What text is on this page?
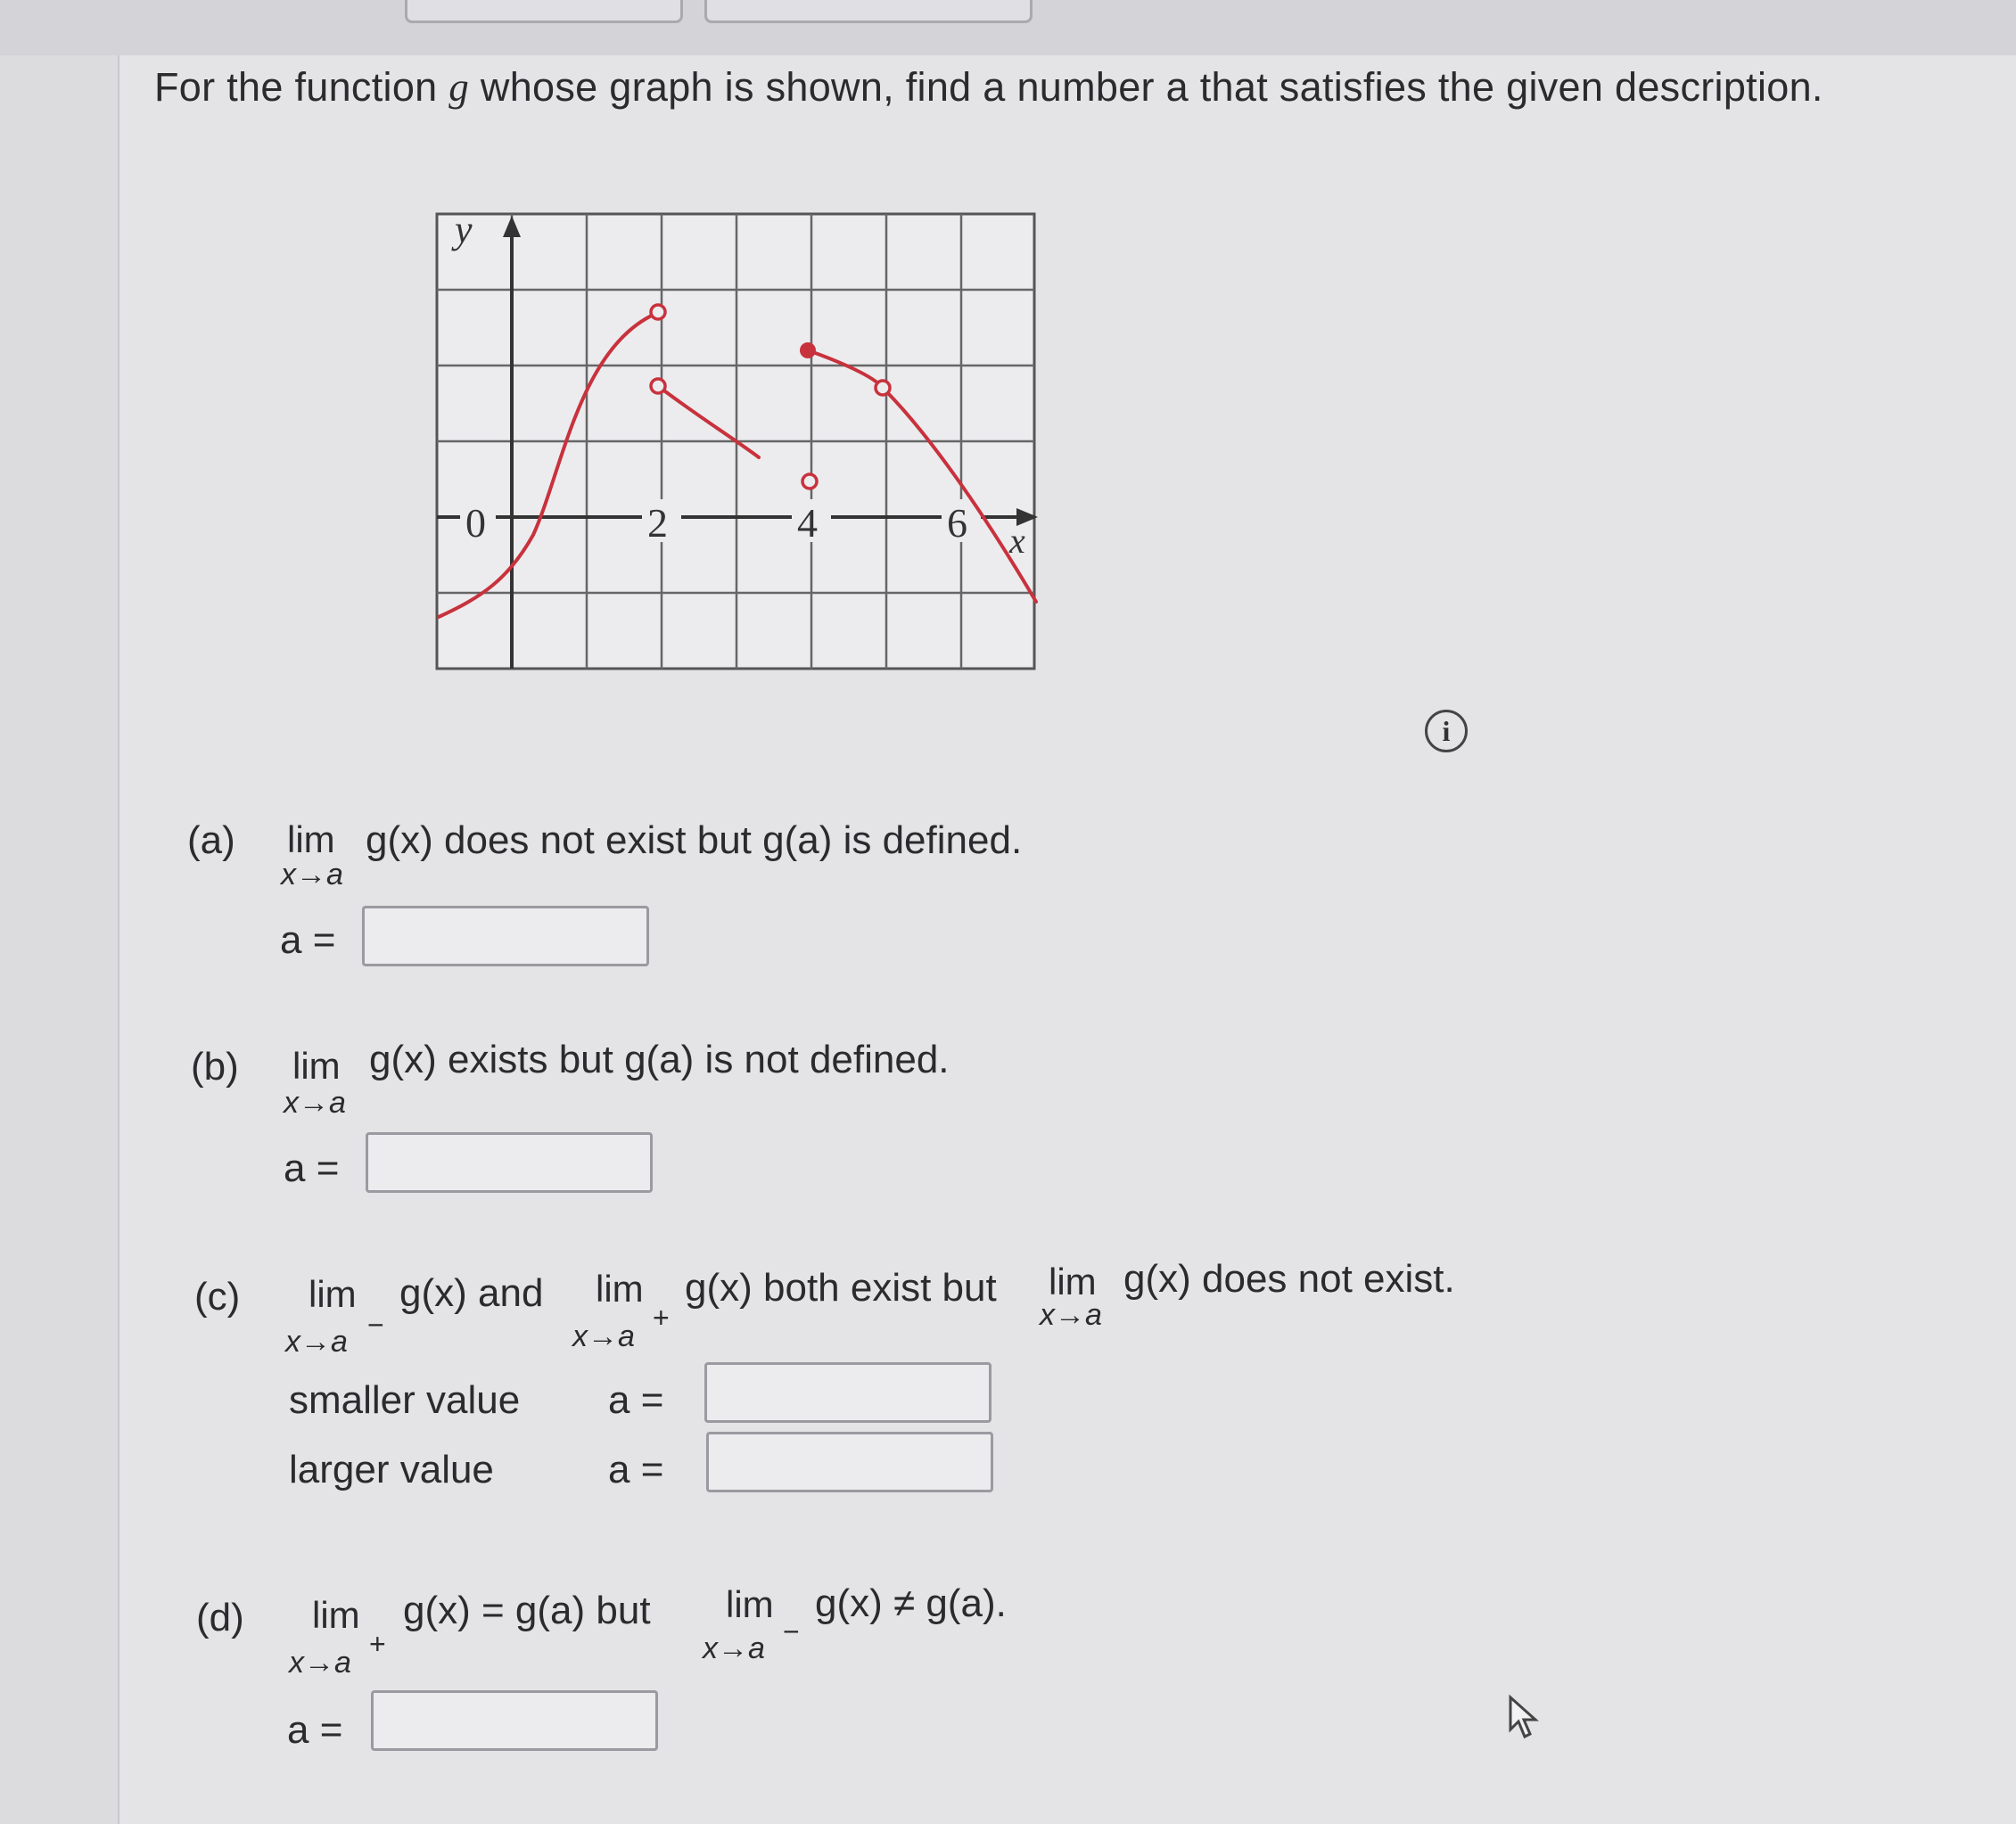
For the function g whose graph is shown, find a number a that satisfies the given description.
y
x
0	2	4	6
i
(a) lim
x→a
g(x) does not exist but g(a) is defined.
a =
(b) lim
x→a
g(x) exists but g(a) is not defined.
a =
(c) lim
x→a −
g(x) and lim
x→a
+
g(x) both exist but lim
x→a
g(x) does not exist.
smaller value a =
larger value	a =
(d) lim
x→a
+
g(x) = g(a) but lim
x→a −
g(x) ≠ g(a).
a =
